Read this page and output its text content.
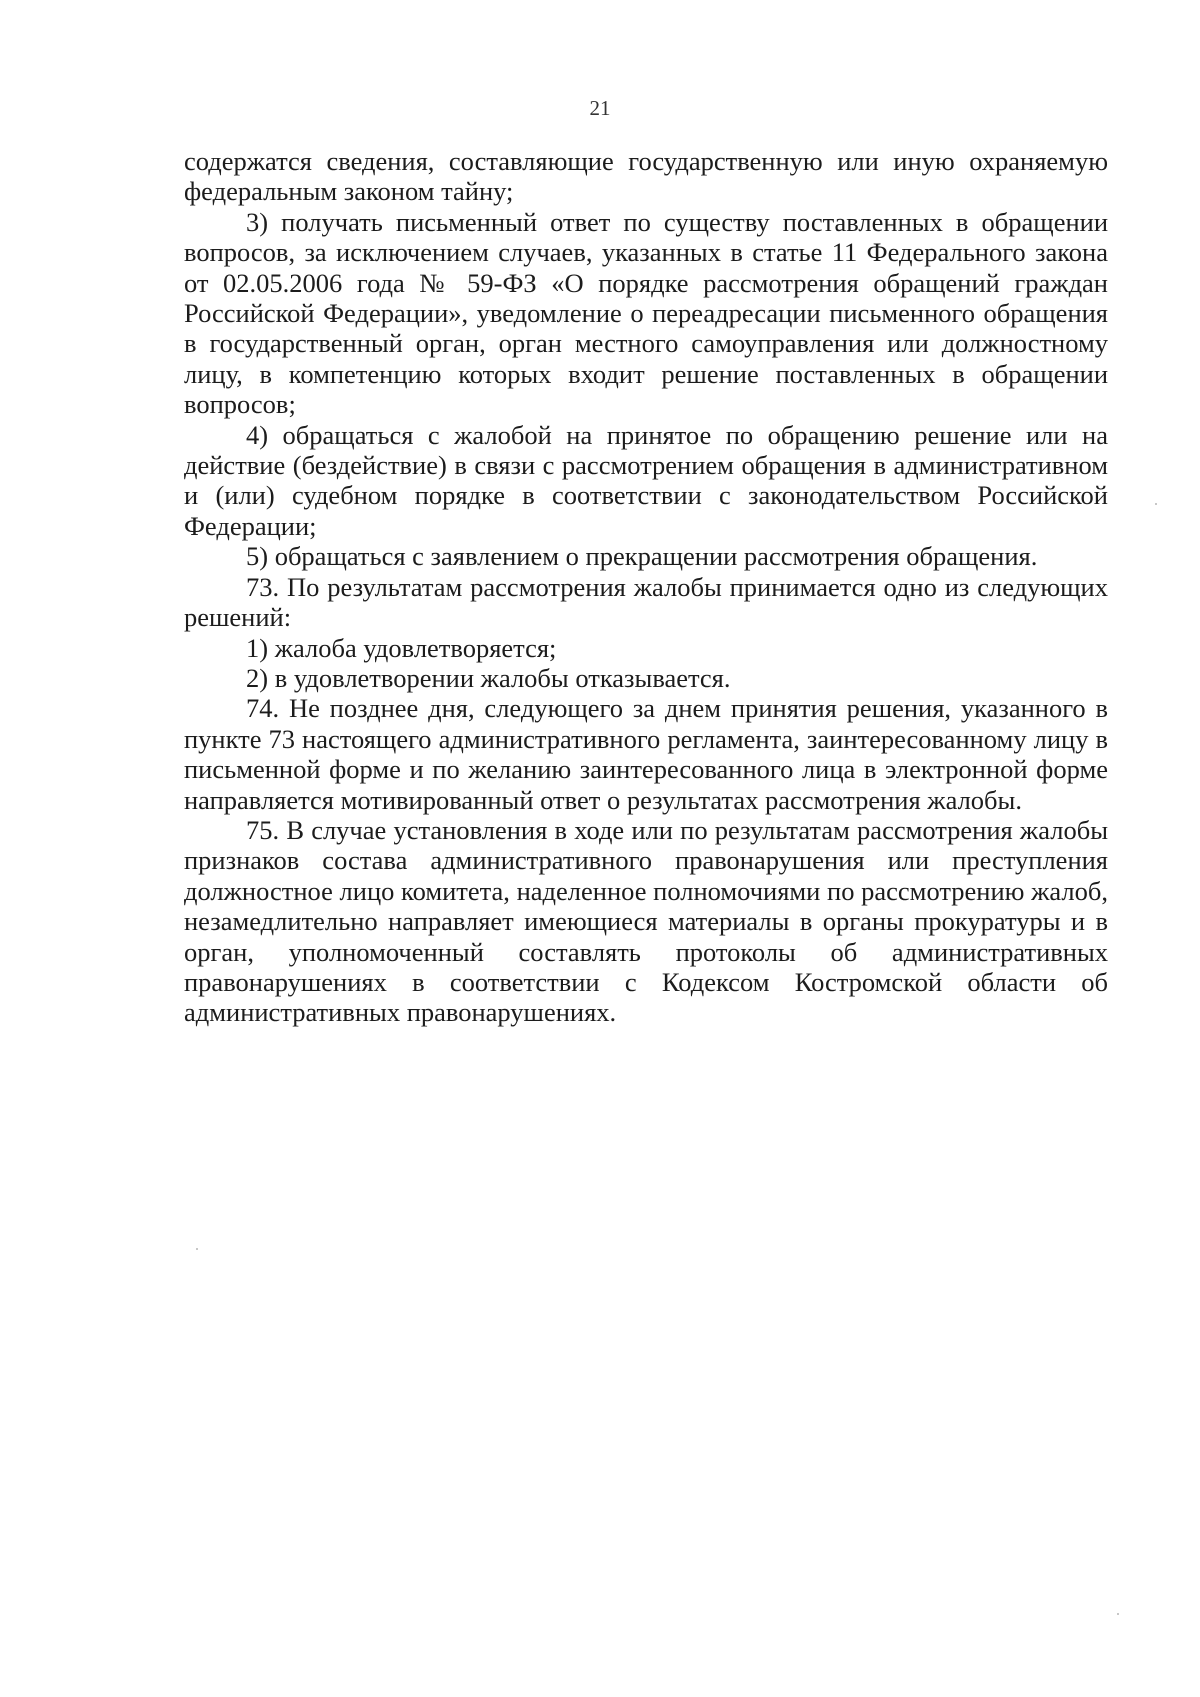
21

содержатся сведения, составляющие государственную или иную охраняемую федеральным законом тайну;

3) получать письменный ответ по существу поставленных в обращении вопросов, за исключением случаев, указанных в статье 11 Федерального закона от 02.05.2006 года № 59-ФЗ «О порядке рассмотрения обращений граждан Российской Федерации», уведомление о переадресации письменного обращения в государственный орган, орган местного самоуправления или должностному лицу, в компетенцию которых входит решение поставленных в обращении вопросов;

4) обращаться с жалобой на принятое по обращению решение или на действие (бездействие) в связи с рассмотрением обращения в административном и (или) судебном порядке в соответствии с законодательством Российской Федерации;

5) обращаться с заявлением о прекращении рассмотрения обращения.

73. По результатам рассмотрения жалобы принимается одно из следующих решений:

1) жалоба удовлетворяется;

2) в удовлетворении жалобы отказывается.

74. Не позднее дня, следующего за днем принятия решения, указанного в пункте 73 настоящего административного регламента, заинтересованному лицу в письменной форме и по желанию заинтересованного лица в электронной форме направляется мотивированный ответ о результатах рассмотрения жалобы.

75. В случае установления в ходе или по результатам рассмотрения жалобы признаков состава административного правонарушения или преступления должностное лицо комитета, наделенное полномочиями по рассмотрению жалоб, незамедлительно направляет имеющиеся материалы в органы прокуратуры и в орган, уполномоченный составлять протоколы об административных правонарушениях в соответствии с Кодексом Костромской области об административных правонарушениях.
